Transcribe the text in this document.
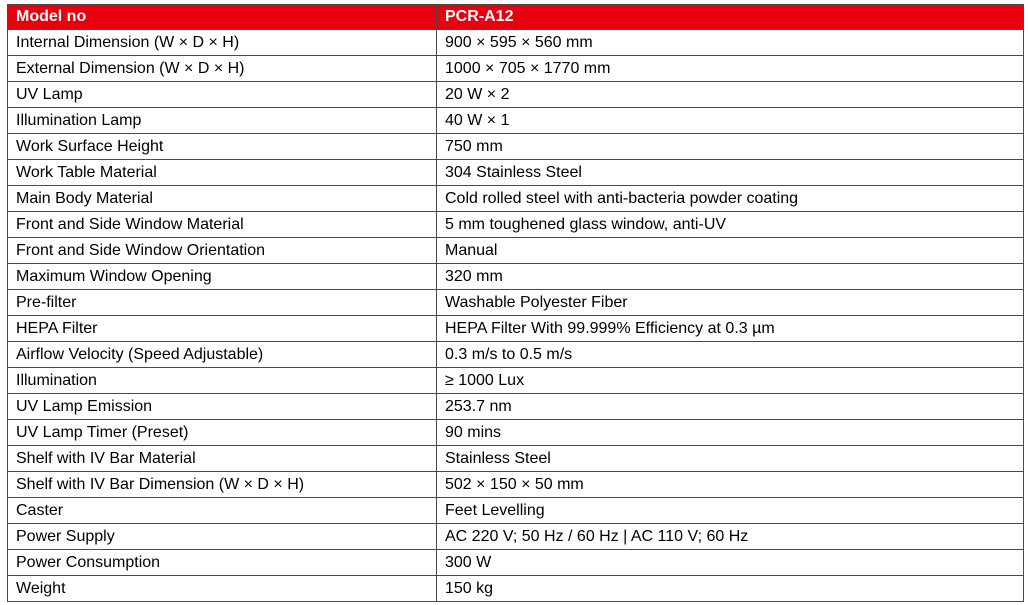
Model no	PCR-A12
Internal Dimension (W × D × H)	900 × 595 × 560 mm
External Dimension (W × D × H)	1000 × 705 × 1770 mm
UV Lamp	20 W × 2
Illumination Lamp	40 W × 1
Work Surface Height	750 mm
Work Table Material	304 Stainless Steel
Main Body Material	Cold rolled steel with anti-bacteria powder coating
Front and Side Window Material	5 mm toughened glass window, anti-UV
Front and Side Window Orientation	Manual
Maximum Window Opening	320 mm
Pre-filter	Washable Polyester Fiber
HEPA Filter	HEPA Filter With 99.999% Efficiency at 0.3 µm
Airflow Velocity (Speed Adjustable)	0.3 m/s to 0.5 m/s
Illumination	≥ 1000 Lux
UV Lamp Emission	253.7 nm
UV Lamp Timer (Preset)	90 mins
Shelf with IV Bar Material	Stainless Steel
Shelf with IV Bar Dimension (W × D × H)	502 × 150 × 50 mm
Caster	Feet Levelling
Power Supply	AC 220 V; 50 Hz / 60 Hz | AC 110 V; 60 Hz
Power Consumption	300 W
Weight	150 kg
